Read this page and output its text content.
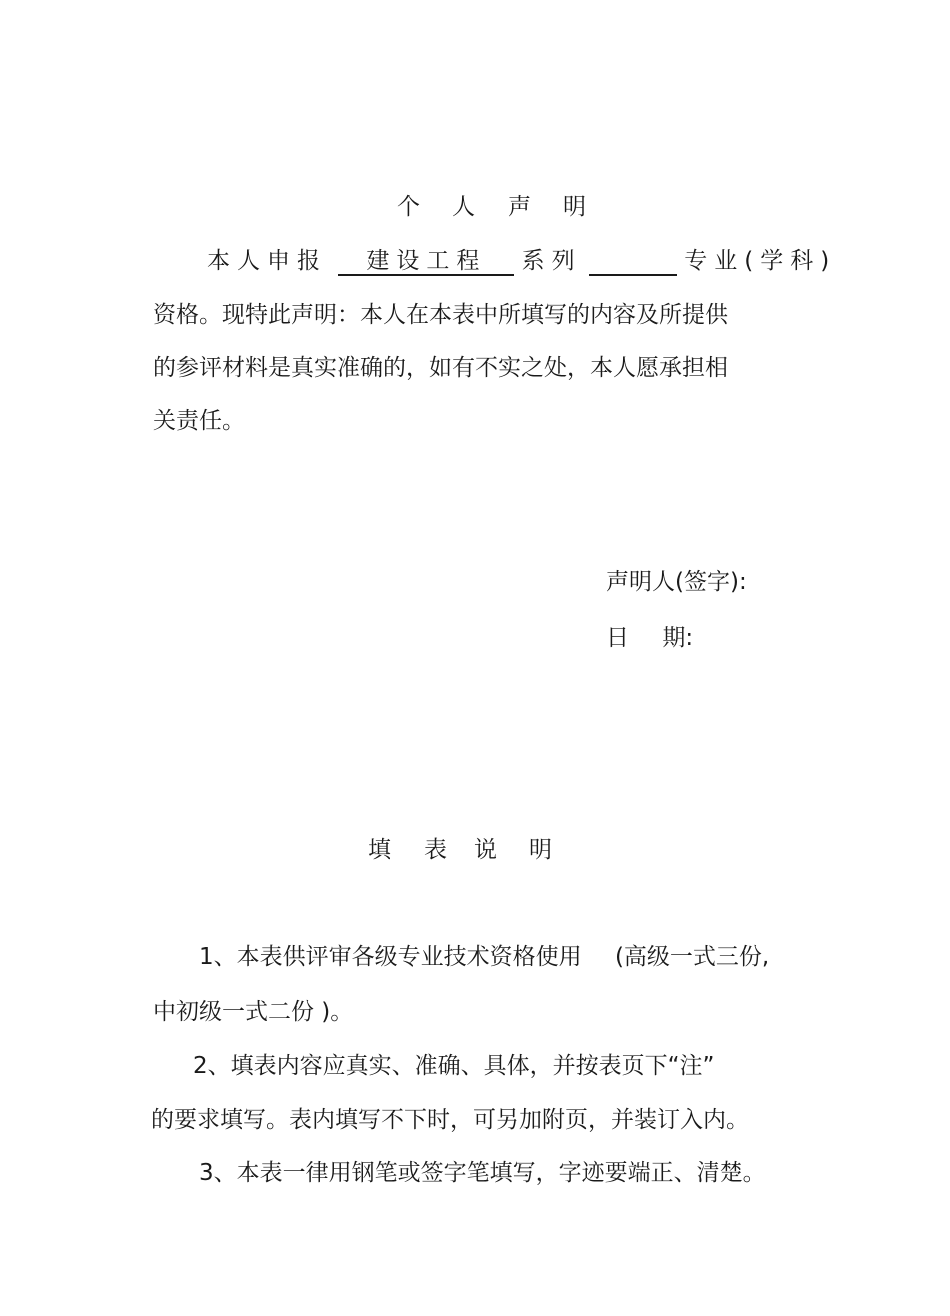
个 人 声 明
本人申报 建设工程 系列	专业(学科)
资格。现特此声明：本人在本表中所填写的内容及所提供
的参评材料是真实准确的，如有不实之处，本人愿承担相
关责任。
声明人(签字):
日 期:
填 表 说 明
1、本表供评审各级专业技术资格使用 (高级一式三份,
中初级一式二份 )。
2、填表内容应真实、准确、具体，并按表页下“注”
的要求填写。表内填写不下时，可另加附页，并装订入内。
3、本表一律用钢笔或签字笔填写，字迹要端正、清楚。
